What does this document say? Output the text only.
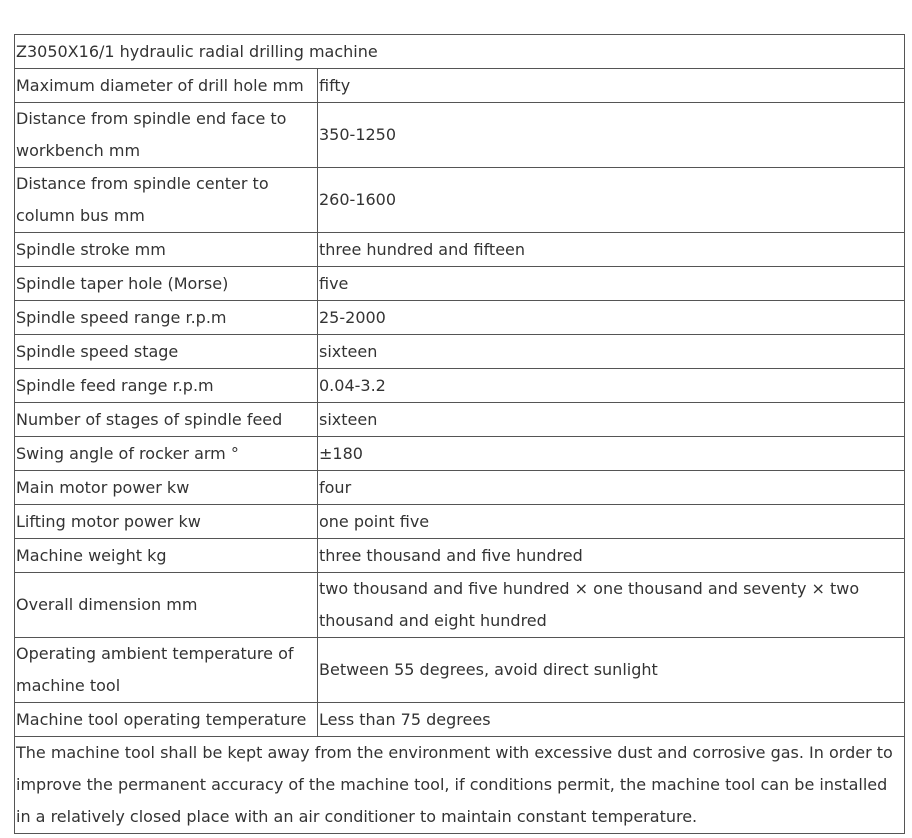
Z3050X16/1 hydraulic radial drilling machine	
Maximum diameter of drill hole mm	fifty
Distance from spindle end face to workbench mm	350-1250
Distance from spindle center to column bus mm	260-1600
Spindle stroke mm	three hundred and fifteen
Spindle taper hole (Morse)	five
Spindle speed range r.p.m	25-2000
Spindle speed stage	sixteen
Spindle feed range r.p.m	0.04-3.2
Number of stages of spindle feed	sixteen
Swing angle of rocker arm °	±180
Main motor power kw	four
Lifting motor power kw	one point five
Machine weight kg	three thousand and five hundred
Overall dimension mm	two thousand and five hundred × one thousand and seventy × two thousand and eight hundred
Operating ambient temperature of machine tool	Between 55 degrees, avoid direct sunlight
Machine tool operating temperature	Less than 75 degrees
The machine tool shall be kept away from the environment with excessive dust and corrosive gas. In order to improve the permanent accuracy of the machine tool, if conditions permit, the machine tool can be installed in a relatively closed place with an air conditioner to maintain constant temperature.	
